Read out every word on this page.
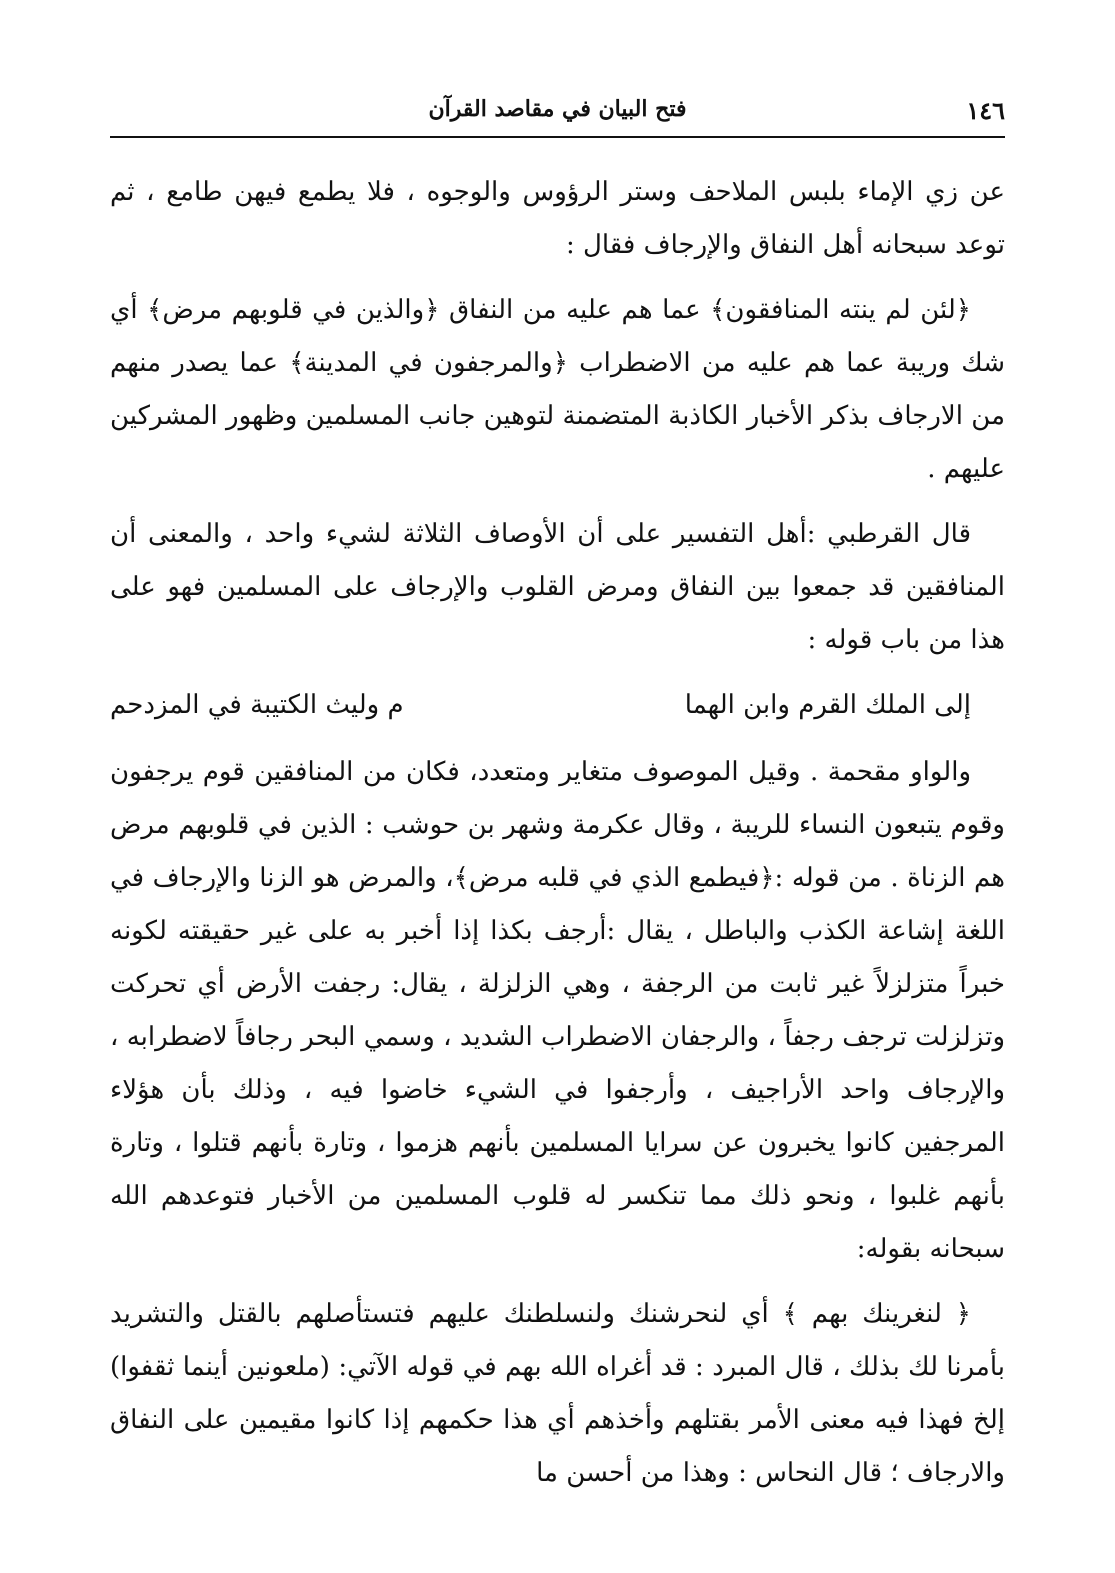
١٤٦
فتح البيان في مقاصد القرآن

عن زي الإماء بلبس الملاحف وستر الرؤوس والوجوه ، فلا يطمع فيهن طامع ، ثم توعد سبحانه أهل النفاق والإرجاف فقال :

﴿لئن لم ينته المنافقون﴾ عما هم عليه من النفاق ﴿والذين في قلوبهم مرض﴾ أي شك وريبة عما هم عليه من الاضطراب ﴿والمرجفون في المدينة﴾ عما يصدر منهم من الارجاف بذكر الأخبار الكاذبة المتضمنة لتوهين جانب المسلمين وظهور المشركين عليهم .

قال القرطبي :أهل التفسير على أن الأوصاف الثلاثة لشيء واحد ، والمعنى أن المنافقين قد جمعوا بين النفاق ومرض القلوب والإرجاف على المسلمين فهو على هذا من باب قوله :

إلى الملك القرم وابن الهما
م وليث الكتيبة في المزدحم

والواو مقحمة . وقيل الموصوف متغاير ومتعدد، فكان من المنافقين قوم يرجفون وقوم يتبعون النساء للريبة ، وقال عكرمة وشهر بن حوشب : الذين في قلوبهم مرض هم الزناة . من قوله :﴿فيطمع الذي في قلبه مرض﴾، والمرض هو الزنا والإرجاف في اللغة إشاعة الكذب والباطل ، يقال :أرجف بكذا إذا أخبر به على غير حقيقته لكونه خبراً متزلزلاً غير ثابت من الرجفة ، وهي الزلزلة ، يقال: رجفت الأرض أي تحركت وتزلزلت ترجف رجفاً ، والرجفان الاضطراب الشديد ، وسمي البحر رجافاً لاضطرابه ، والإرجاف واحد الأراجيف ، وأرجفوا في الشيء خاضوا فيه ، وذلك بأن هؤلاء المرجفين كانوا يخبرون عن سرايا المسلمين بأنهم هزموا ، وتارة بأنهم قتلوا ، وتارة بأنهم غلبوا ، ونحو ذلك مما تنكسر له قلوب المسلمين من الأخبار فتوعدهم الله سبحانه بقوله:

﴿ لنغرينك بهم ﴾ أي لنحرشنك ولنسلطنك عليهم فتستأصلهم بالقتل والتشريد بأمرنا لك بذلك ، قال المبرد : قد أغراه الله بهم في قوله الآتي: (ملعونين أينما ثقفوا) إلخ فهذا فيه معنى الأمر بقتلهم وأخذهم أي هذا حكمهم إذا كانوا مقيمين على النفاق والارجاف ؛ قال النحاس : وهذا من أحسن ما
